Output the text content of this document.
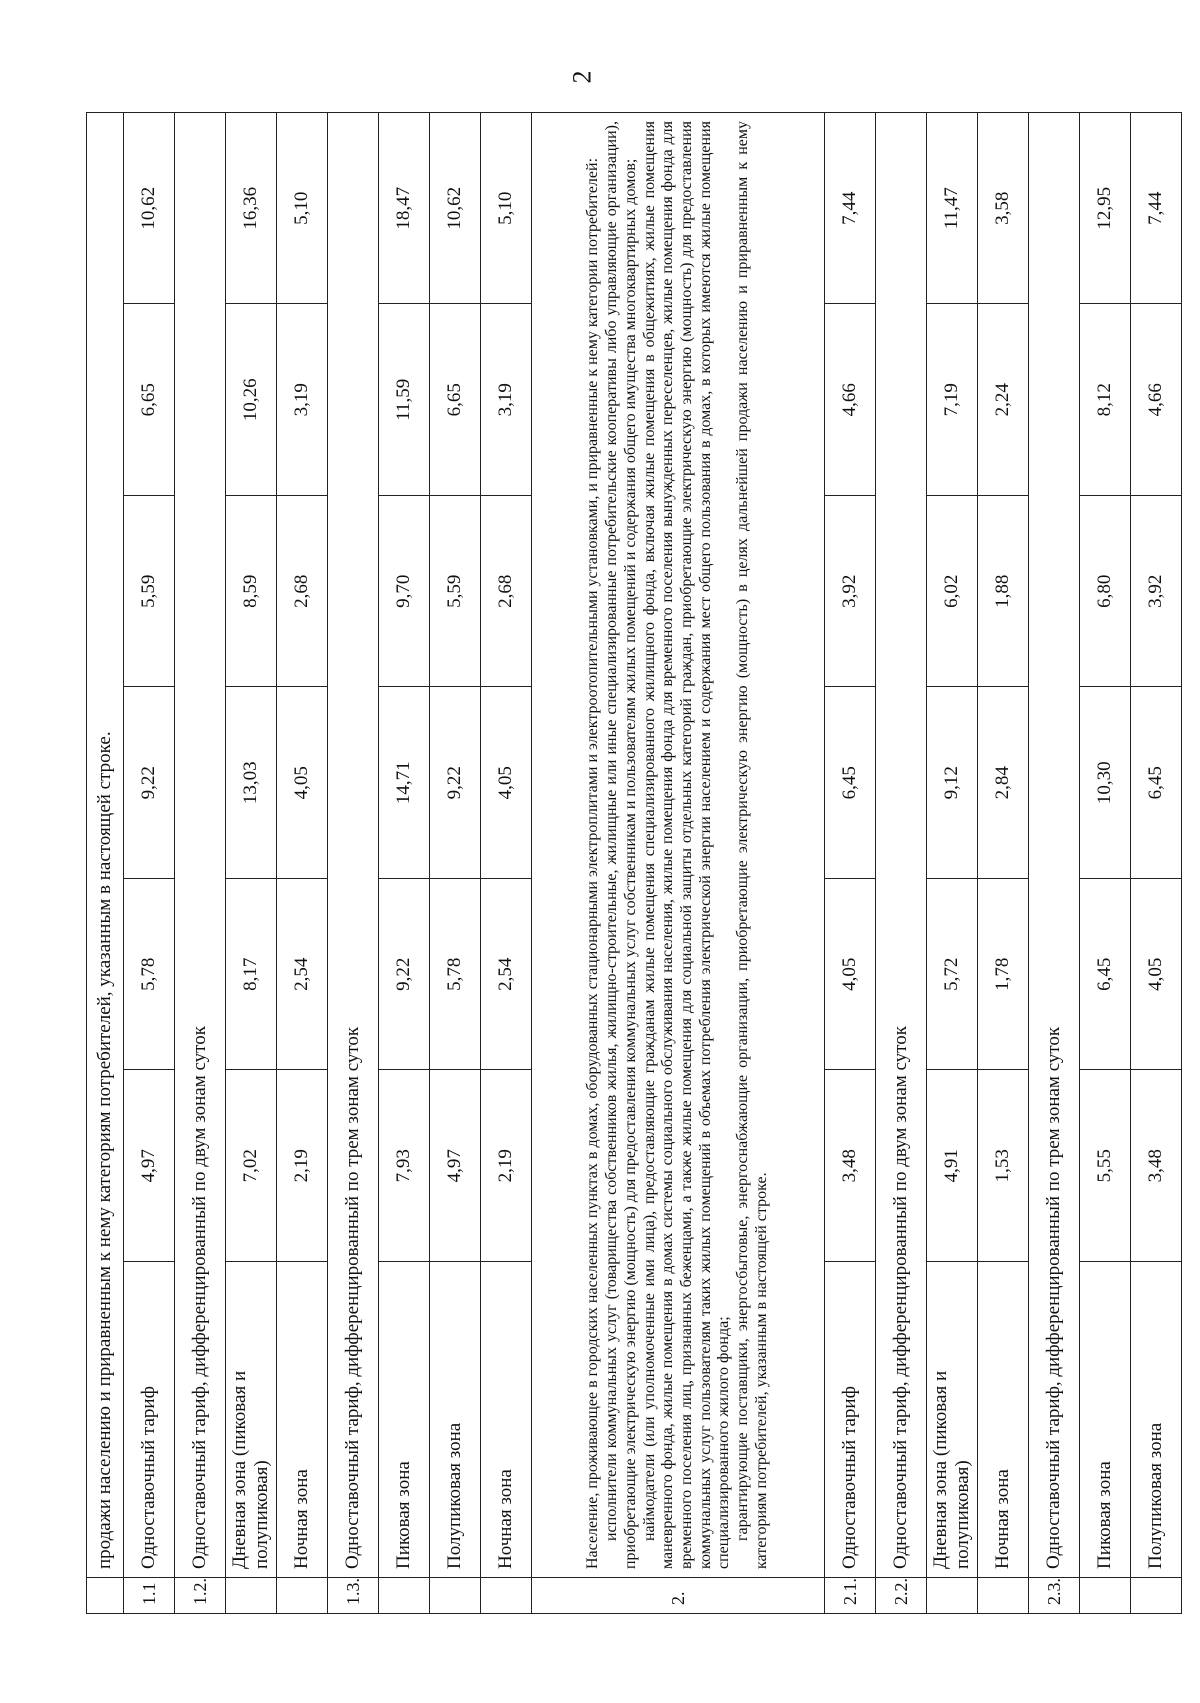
2
	продажи населению и приравненным к нему категориям потребителей, указанным в настоящей строке.						
1.1	Одноставочный тариф	4,97	5,78	9,22	5,59	6,65	10,62
1.2.	Одноставочный тариф, дифференцированный по двум зонам суток						
	Дневная зона (пиковая и полупиковая)	7,02	8,17	13,03	8,59	10,26	16,36
	Ночная зона	2,19	2,54	4,05	2,68	3,19	5,10
1.3.	Одноставочный тариф, дифференцированный по трем зонам суток						
	Пиковая зона	7,93	9,22	14,71	9,70	11,59	18,47
	Полупиковая зона	4,97	5,78	9,22	5,59	6,65	10,62
	Ночная зона	2,19	2,54	4,05	2,68	3,19	5,10
2.	Население, проживающее в городских населенных пунктах в домах, оборудованных стационарными электроплитами и электроотопительными установками, и приравненные к нему категории потребителей: исполнители коммунальных услуг (товарищества собственников жилья, жилищно-строительные, жилищные или иные специализированные потребительские кооперативы либо управляющие организации), приобретающие электрическую энергию (мощность) для предоставления коммунальных услуг собственникам и пользователям жилых помещений и содержания общего имущества многоквартирных домов; наймодатели (или уполномоченные ими лица), предоставляющие гражданам жилые помещения специализированного жилищного фонда, включая жилые помещения в общежитиях, жилые помещения маневренного фонда, жилые помещения в домах системы социального обслуживания населения, жилые помещения фонда для временного поселения вынужденных переселенцев, жилые помещения фонда для временного поселения лиц, признанных беженцами, а также жилые помещения для социальной защиты отдельных категорий граждан, приобретающие электрическую энергию (мощность) для предоставления коммунальных услуг пользователям таких жилых помещений в объемах потребления электрической энергии населением и содержания мест общего пользования в домах, в которых имеются жилые помещения специализированного жилого фонда; гарантирующие поставщики, энергосбытовые, энергоснабжающие организации, приобретающие электрическую энергию (мощность) в целях дальнейшей продажи населению и приравненным к нему категориям потребителей, указанным в настоящей строке.						

2.1.	Одноставочный тариф	3,48	4,05	6,45	3,92	4,66	7,44
2.2.	Одноставочный тариф, дифференцированный по двум зонам суток						
	Дневная зона (пиковая и полупиковая)	4,91	5,72	9,12	6,02	7,19	11,47
	Ночная зона	1,53	1,78	2,84	1,88	2,24	3,58
2.3.	Одноставочный тариф, дифференцированный по трем зонам суток						
	Пиковая зона	5,55	6,45	10,30	6,80	8,12	12,95
	Полупиковая зона	3,48	4,05	6,45	3,92	4,66	7,44
